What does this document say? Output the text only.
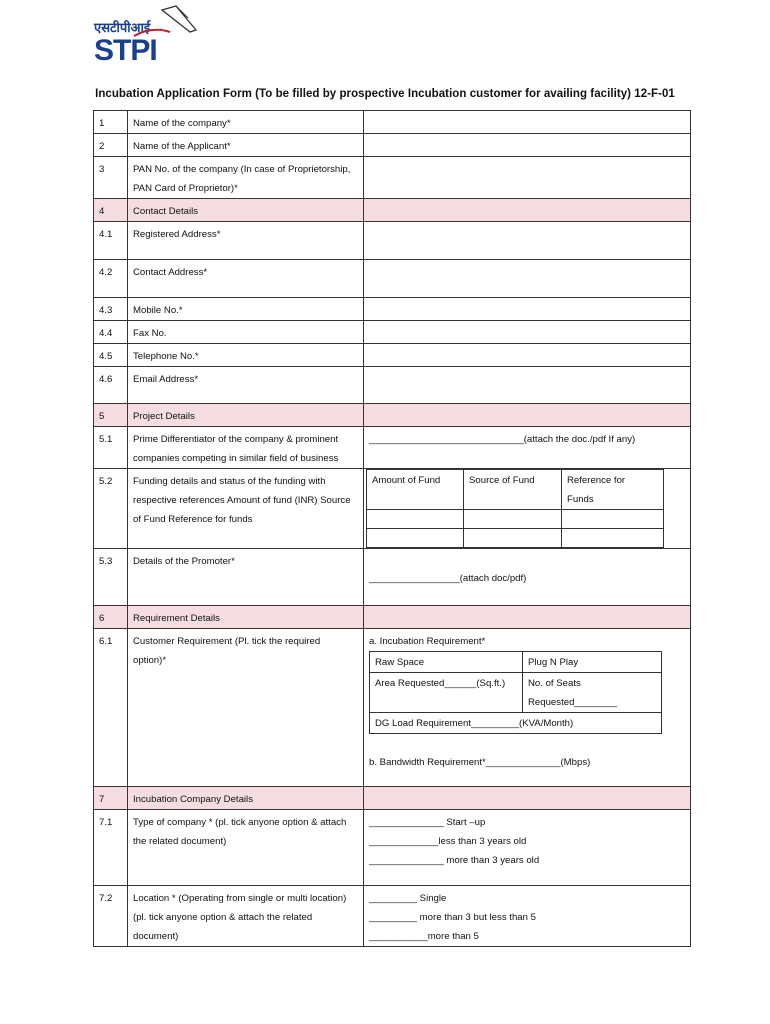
एसटीपीआई
STPI
Incubation Application Form (To be filled by prospective Incubation customer for availing facility) 12-F-01
1	Name of the company*	
2	Name of the Applicant*	
3	PAN No. of the company (In case of Proprietorship,
PAN Card of Proprietor)*

4	Contact Details	
4.1	Registered Address*	
4.2	Contact Address*	
4.3	Mobile No.*	
4.4	Fax No.	
4.5	Telephone No.*	
4.6	Email Address*	
5	Project Details	
5.1	Prime Differentiator of the company & prominent
companies competing in similar field of business
	_____________________________(attach the doc./pdf If any)
5.2	Funding details and status of the funding with
respective references Amount of fund (INR) Source
of Fund Reference for funds

Amount of Fund	Source of Fund	Reference for
Funds

5.3	Details of the Promoter*	
_________________(attach doc/pdf)

6	Requirement Details	
6.1	Customer Requirement (Pl. tick the required
option)*

a. Incubation Requirement*
Raw Space	Plug N Play
Area Requested______(Sq.ft.)	No. of Seats
Requested________

DG Load Requirement_________(KVA/Month)
b. Bandwidth Requirement*______________(Mbps)

7	Incubation Company Details	
7.1	Type of company * (pl. tick anyone option & attach
the related document)

______________ Start –up
_____________less than 3 years old
______________ more than 3 years old

7.2	Location * (Operating from single or multi location)
(pl. tick anyone option & attach the related
document)

_________ Single
_________ more than 3 but less than 5
___________more than 5
